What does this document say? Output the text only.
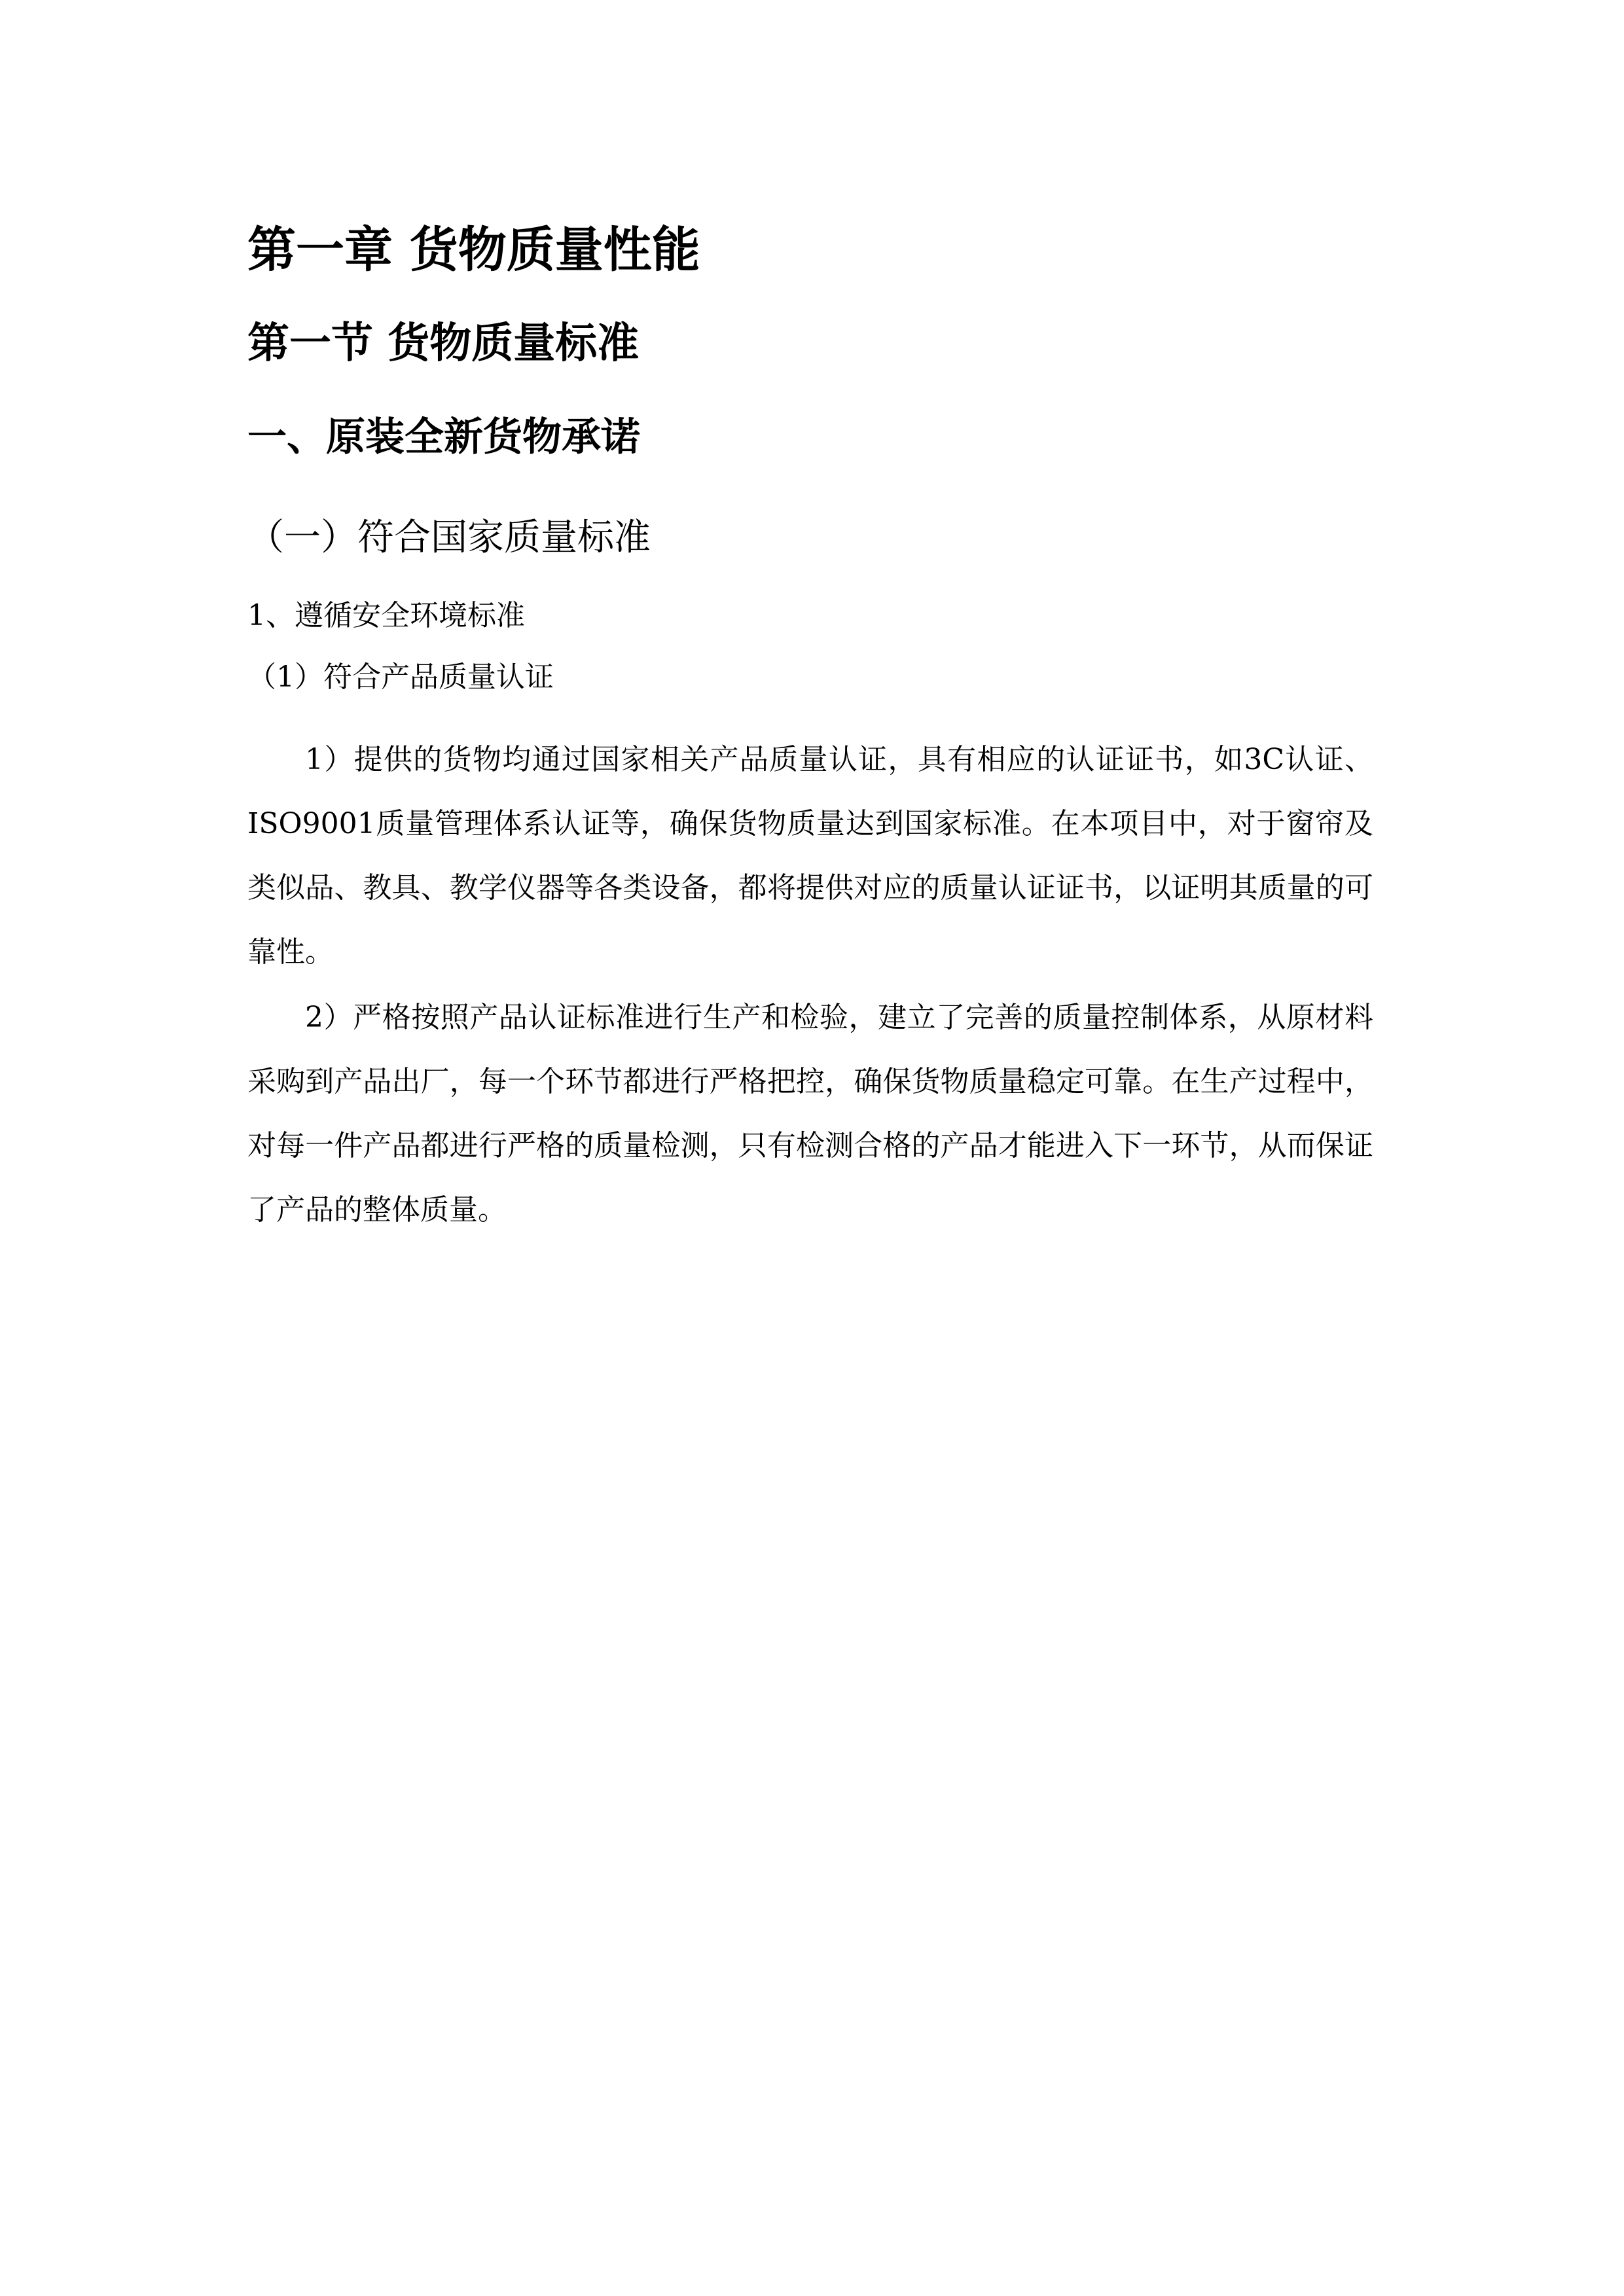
第一章 货物质量性能
第一节 货物质量标准
一、原装全新货物承诺
（一）符合国家质量标准
1、遵循安全环境标准
（1）符合产品质量认证

1）提供的货物均通过国家相关产品质量认证，具有相应的认证证书，如3C认证、ISO9001质量管理体系认证等，确保货物质量达到国家标准。在本项目中，对于窗帘及类似品、教具、教学仪器等各类设备，都将提供对应的质量认证证书，以证明其质量的可靠性。

2）严格按照产品认证标准进行生产和检验，建立了完善的质量控制体系，从原材料采购到产品出厂，每一个环节都进行严格把控，确保货物质量稳定可靠。在生产过程中，对每一件产品都进行严格的质量检测，只有检测合格的产品才能进入下一环节，从而保证了产品的整体质量。
